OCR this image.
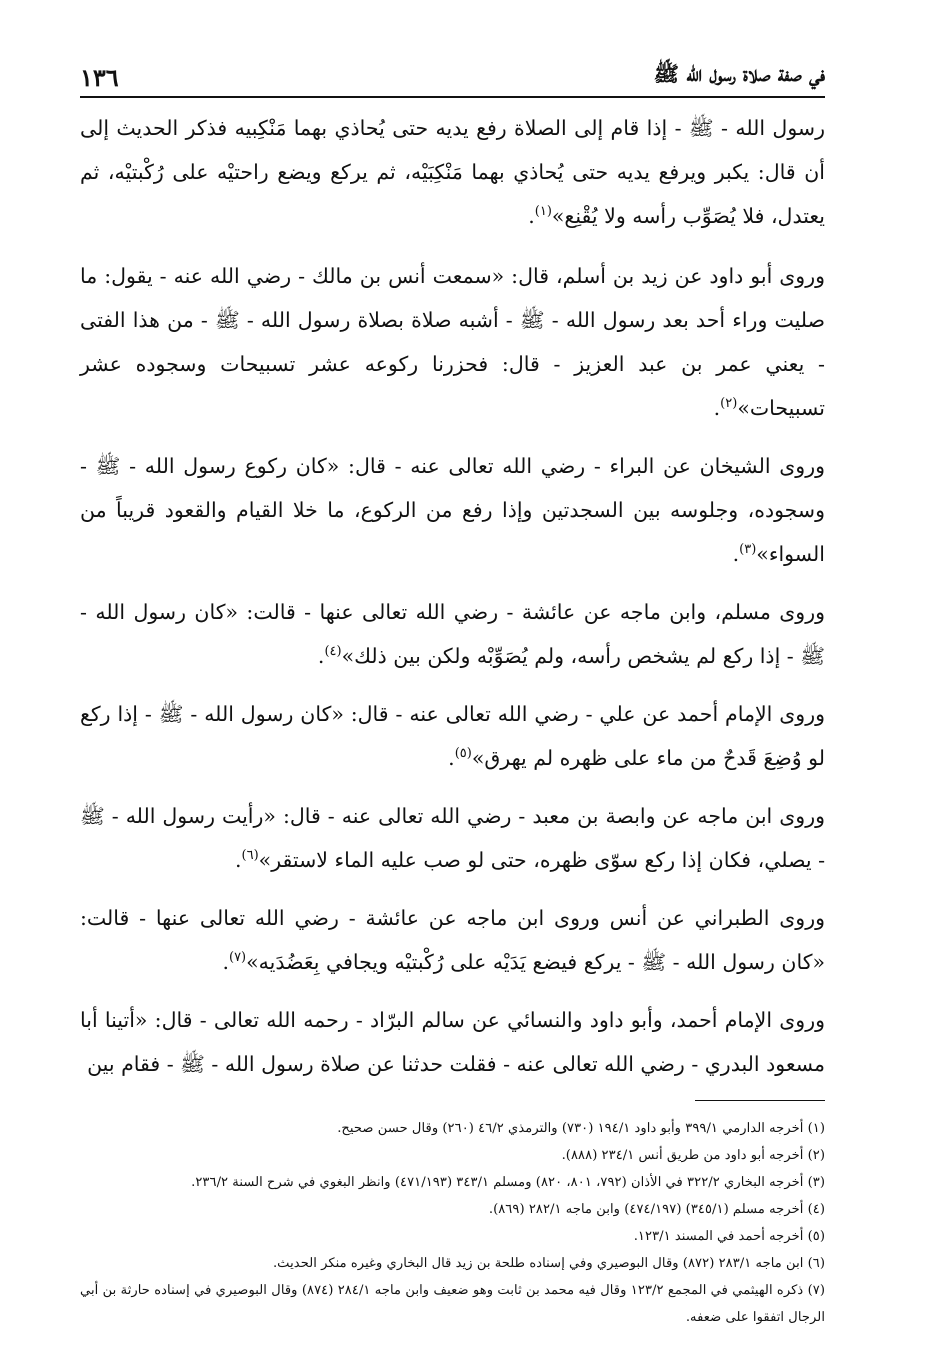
في صفة صلاة رسول الله ﷺ
١٣٦

رسول الله - ﷺ - إذا قام إلى الصلاة رفع يديه حتى يُحاذي بهما مَنْكِبيه فذكر الحديث إلى أن قال: يكبر ويرفع يديه حتى يُحاذي بهما مَنْكِبَيْه، ثم يركع ويضع راحتيْه على رُكْبتيْه، ثم يعتدل، فلا يُصَوِّب رأسه ولا يُقْنِع»$^{(١)}$.

وروى أبو داود عن زيد بن أسلم، قال: «سمعت أنس بن مالك - رضي الله عنه - يقول: ما صليت وراء أحد بعد رسول الله - ﷺ - أشبه صلاة بصلاة رسول الله - ﷺ - من هذا الفتى - يعني عمر بن عبد العزيز - قال: فحزرنا ركوعه عشر تسبيحات وسجوده عشر تسبيحات»$^{(٢)}$.

وروى الشيخان عن البراء - رضي الله تعالى عنه - قال: «كان ركوع رسول الله - ﷺ - وسجوده، وجلوسه بين السجدتين وإذا رفع من الركوع، ما خلا القيام والقعود قريباً من السواء»$^{(٣)}$.

وروى مسلم، وابن ماجه عن عائشة - رضي الله تعالى عنها - قالت: «كان رسول الله - ﷺ - إذا ركع لم يشخص رأسه، ولم يُصَوِّبْه ولكن بين ذلك»$^{(٤)}$.

وروى الإمام أحمد عن علي - رضي الله تعالى عنه - قال: «كان رسول الله - ﷺ - إذا ركع لو وُضِعَ قَدحٌ من ماء على ظهره لم يهرق»$^{(٥)}$.

وروى ابن ماجه عن وابصة بن معبد - رضي الله تعالى عنه - قال: «رأيت رسول الله - ﷺ - يصلي، فكان إذا ركع سوّى ظهره، حتى لو صب عليه الماء لاستقر»$^{(٦)}$.

وروى الطبراني عن أنس وروى ابن ماجه عن عائشة - رضي الله تعالى عنها - قالت: «كان رسول الله - ﷺ - يركع فيضع يَدَيْه على رُكْبتيْه ويجافي بِعَضُدَيه»$^{(٧)}$.

وروى الإمام أحمد، وأبو داود والنسائي عن سالم البرّاد - رحمه الله تعالى - قال: «أتينا أبا مسعود البدري - رضي الله تعالى عنه - فقلت حدثنا عن صلاة رسول الله - ﷺ - فقام بين

(١) أخرجه الدارمي ٣٩٩/١ وأبو داود ١٩٤/١ (٧٣٠) والترمذي ٤٦/٢ (٢٦٠) وقال حسن صحيح.

(٢) أخرجه أبو داود من طريق أنس ٢٣٤/١ (٨٨٨).

(٣) أخرجه البخاري ٣٢٢/٢ في الأذان (٧٩٢، ٨٠١، ٨٢٠) ومسلم ٣٤٣/١ (٤٧١/١٩٣) وانظر البغوي في شرح السنة ٢٣٦/٢.

(٤) أخرجه مسلم (٣٤٥/١) (٤٧٤/١٩٧) وابن ماجه ٢٨٢/١ (٨٦٩).

(٥) أخرجه أحمد في المسند ١٢٣/١.

(٦) ابن ماجه ٢٨٣/١ (٨٧٢) وقال البوصيري وفي إسناده طلحة بن زيد قال البخاري وغيره منكر الحديث.

(٧) ذكره الهيثمي في المجمع ١٢٣/٢ وقال فيه محمد بن ثابت وهو ضعيف وابن ماجه ٢٨٤/١ (٨٧٤) وقال البوصيري في إسناده حارثة بن أبي الرجال اتفقوا على ضعفه.
